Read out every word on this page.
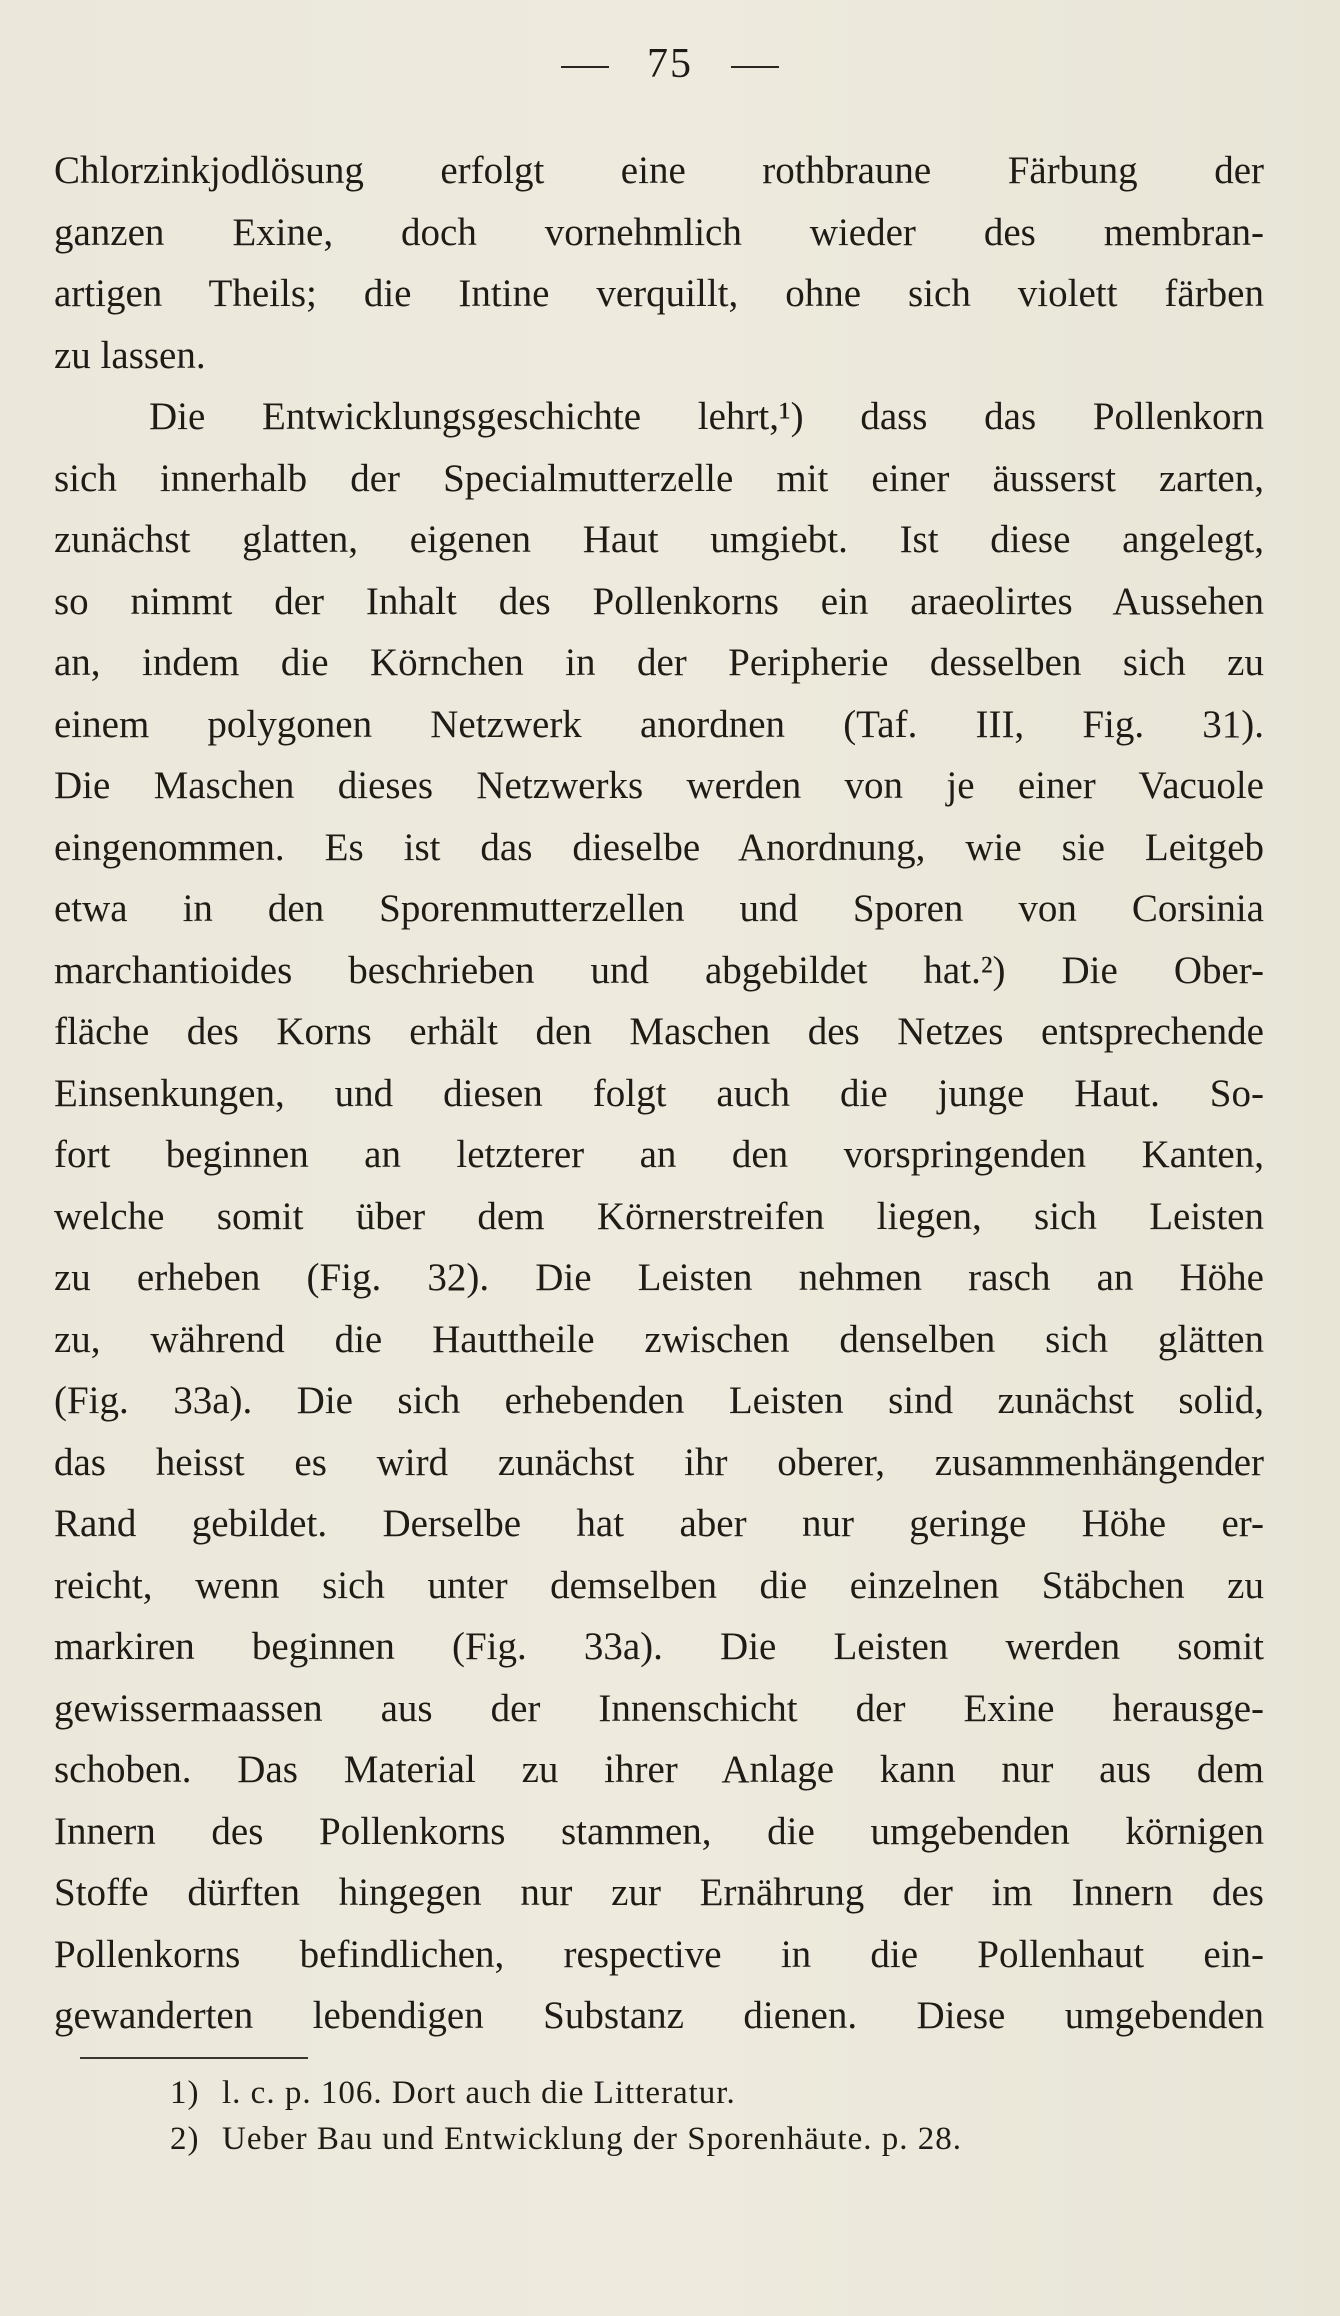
75
Chlorzinkjodlösung erfolgt eine rothbraune Färbung der
ganzen Exine, doch vornehmlich wieder des membran-
artigen Theils; die Intine verquillt, ohne sich violett färben
zu lassen.
Die Entwicklungsgeschichte lehrt,¹) dass das Pollenkorn
sich innerhalb der Specialmutterzelle mit einer äusserst zarten,
zunächst glatten, eigenen Haut umgiebt. Ist diese angelegt,
so nimmt der Inhalt des Pollenkorns ein araeolirtes Aussehen
an, indem die Körnchen in der Peripherie desselben sich zu
einem polygonen Netzwerk anordnen (Taf. III, Fig. 31).
Die Maschen dieses Netzwerks werden von je einer Vacuole
eingenommen. Es ist das dieselbe Anordnung, wie sie Leitgeb
etwa in den Sporenmutterzellen und Sporen von Corsinia
marchantioides beschrieben und abgebildet hat.²) Die Ober-
fläche des Korns erhält den Maschen des Netzes entsprechende
Einsenkungen, und diesen folgt auch die junge Haut. So-
fort beginnen an letzterer an den vorspringenden Kanten,
welche somit über dem Körnerstreifen liegen, sich Leisten
zu erheben (Fig. 32). Die Leisten nehmen rasch an Höhe
zu, während die Hauttheile zwischen denselben sich glätten
(Fig. 33a). Die sich erhebenden Leisten sind zunächst solid,
das heisst es wird zunächst ihr oberer, zusammenhängender
Rand gebildet. Derselbe hat aber nur geringe Höhe er-
reicht, wenn sich unter demselben die einzelnen Stäbchen zu
markiren beginnen (Fig. 33a). Die Leisten werden somit
gewissermaassen aus der Innenschicht der Exine herausge-
schoben. Das Material zu ihrer Anlage kann nur aus dem
Innern des Pollenkorns stammen, die umgebenden körnigen
Stoffe dürften hingegen nur zur Ernährung der im Innern des
Pollenkorns befindlichen, respective in die Pollenhaut ein-
gewanderten lebendigen Substanz dienen. Diese umgebenden
1) l. c. p. 106. Dort auch die Litteratur.
2) Ueber Bau und Entwicklung der Sporenhäute. p. 28.
